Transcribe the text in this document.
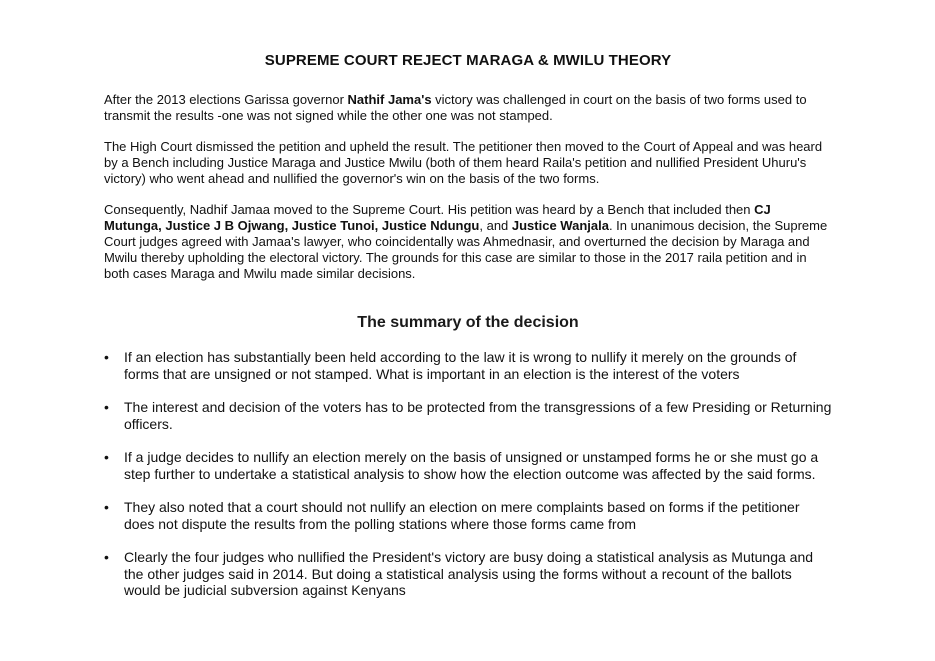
SUPREME COURT REJECT MARAGA & MWILU THEORY

After the 2013 elections Garissa governor Nathif Jama's victory was challenged in court on the basis of two forms used to transmit the results -one was not signed while the other one was not stamped.

The High Court dismissed the petition and upheld the result. The petitioner then moved to the Court of Appeal and was heard by a Bench including Justice Maraga and Justice Mwilu (both of them heard Raila's petition and nullified President Uhuru's victory) who went ahead and nullified the governor's win on the basis of the two forms.

Consequently, Nadhif Jamaa moved to the Supreme Court. His petition was heard by a Bench that included then CJ Mutunga, Justice J B Ojwang, Justice Tunoi, Justice Ndungu, and Justice Wanjala. In unanimous decision, the Supreme Court judges agreed with Jamaa's lawyer, who coincidentally was Ahmednasir, and overturned the decision by Maraga and Mwilu thereby upholding the electoral victory. The grounds for this case are similar to those in the 2017 raila petition and in both cases Maraga and Mwilu made similar decisions.

The summary of the decision
• If an election has substantially been held according to the law it is wrong to nullify it merely on the grounds of forms that are unsigned or not stamped. What is important in an election is the interest of the voters
• The interest and decision of the voters has to be protected from the transgressions of a few Presiding or Returning officers.
• If a judge decides to nullify an election merely on the basis of unsigned or unstamped forms he or she must go a step further to undertake a statistical analysis to show how the election outcome was affected by the said forms.
• They also noted that a court should not nullify an election on mere complaints based on forms if the petitioner does not dispute the results from the polling stations where those forms came from
• Clearly the four judges who nullified the President's victory are busy doing a statistical analysis as Mutunga and the other judges said in 2014. But doing a statistical analysis using the forms without a recount of the ballots would be judicial subversion against Kenyans
